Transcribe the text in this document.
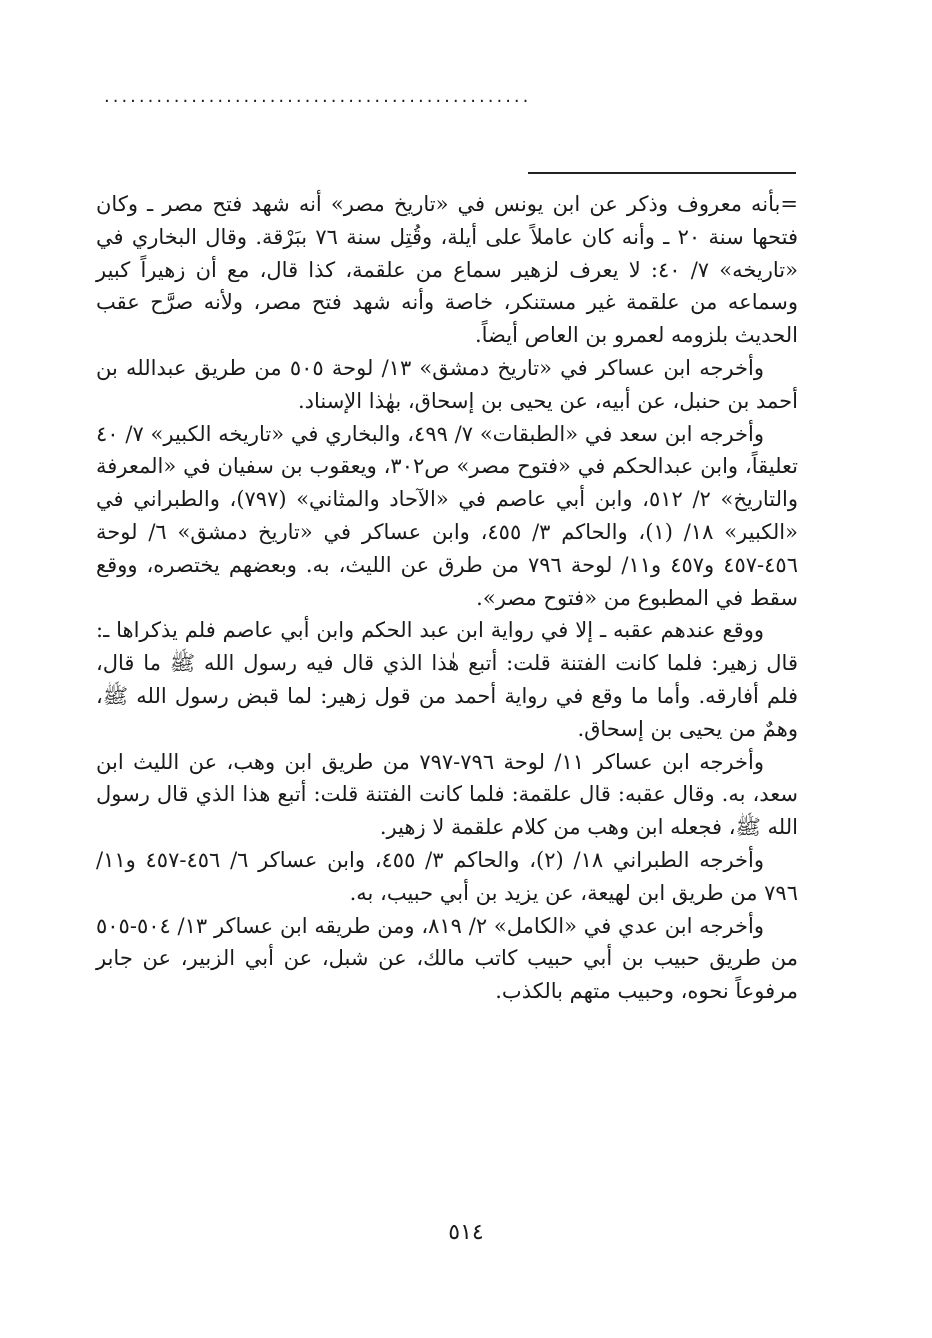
.................................................

=بأنه معروف وذكر عن ابن يونس في «تاريخ مصر» أنه شهد فتح مصر ـ وكان فتحها سنة ٢٠ ـ وأنه كان عاملاً على أيلة، وقُتِل سنة ٧٦ ببَرْقة. وقال البخاري في «تاريخه» ٧/ ٤٠: لا يعرف لزهير سماع من علقمة، كذا قال، مع أن زهيراً كبير وسماعه من علقمة غير مستنكر، خاصة وأنه شهد فتح مصر، ولأنه صرَّح عقب الحديث بلزومه لعمرو بن العاص أيضاً.

وأخرجه ابن عساكر في «تاريخ دمشق» ١٣/ لوحة ٥٠٥ من طريق عبدالله بن أحمد بن حنبل، عن أبيه، عن يحيى بن إسحاق، بهٰذا الإسناد.

وأخرجه ابن سعد في «الطبقات» ٧/ ٤٩٩، والبخاري في «تاريخه الكبير» ٧/ ٤٠ تعليقاً، وابن عبدالحكم في «فتوح مصر» ص٣٠٢، ويعقوب بن سفيان في «المعرفة والتاريخ» ٢/ ٥١٢، وابن أبي عاصم في «الآحاد والمثاني» (٧٩٧)، والطبراني في «الكبير» ١٨/ (١)، والحاكم ٣/ ٤٥٥، وابن عساكر في «تاريخ دمشق» ٦/ لوحة ٤٥٦-٤٥٧ و٤٥٧ و١١/ لوحة ٧٩٦ من طرق عن الليث، به. وبعضهم يختصره، ووقع سقط في المطبوع من «فتوح مصر».

ووقع عندهم عقبه ـ إلا في رواية ابن عبد الحكم وابن أبي عاصم فلم يذكراها ـ: قال زهير: فلما كانت الفتنة قلت: أتبع هٰذا الذي قال فيه رسول الله ﷺ ما قال، فلم أفارقه. وأما ما وقع في رواية أحمد من قول زهير: لما قبض رسول الله ﷺ، وهمٌ من يحيى بن إسحاق.

وأخرجه ابن عساكر ١١/ لوحة ٧٩٦-٧٩٧ من طريق ابن وهب، عن الليث ابن سعد، به. وقال عقبه: قال علقمة: فلما كانت الفتنة قلت: أتبع هذا الذي قال رسول الله ﷺ، فجعله ابن وهب من كلام علقمة لا زهير.

وأخرجه الطبراني ١٨/ (٢)، والحاكم ٣/ ٤٥٥، وابن عساكر ٦/ ٤٥٦-٤٥٧ و١١/ ٧٩٦ من طريق ابن لهيعة، عن يزيد بن أبي حبيب، به.

وأخرجه ابن عدي في «الكامل» ٢/ ٨١٩، ومن طريقه ابن عساكر ١٣/ ٥٠٤-٥٠٥ من طريق حبيب بن أبي حبيب كاتب مالك، عن شبل، عن أبي الزبير، عن جابر مرفوعاً نحوه، وحبيب متهم بالكذب.

٥١٤
